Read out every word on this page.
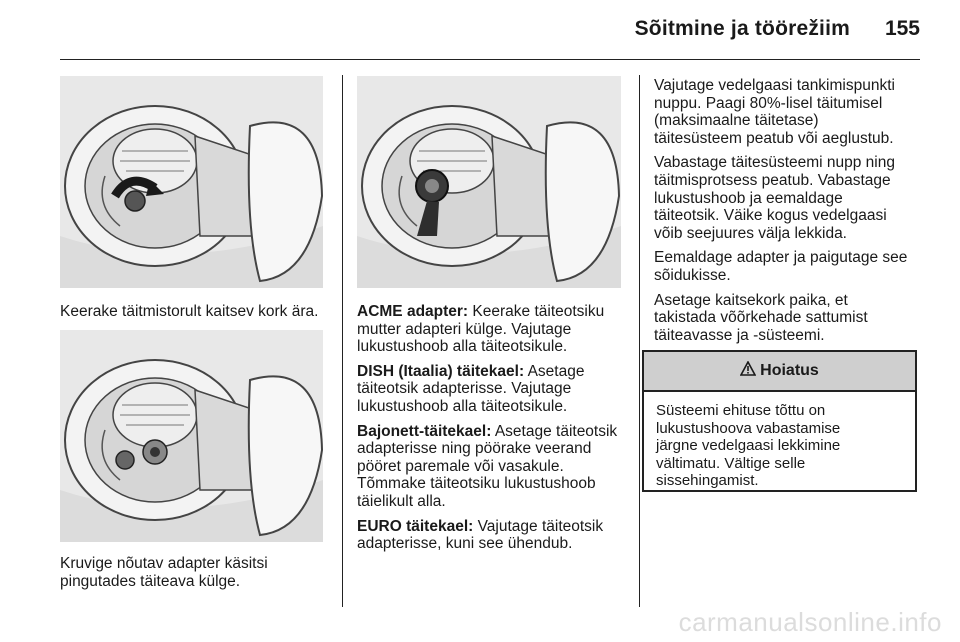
Sõitmine ja töörežiim 155
Keerake täitmistorult kaitsev kork ära.
Kruvige nõutav adapter käsitsi
pingutades täiteava külge.

ACME adapter: Keerake täiteotsiku
mutter adapteri külge. Vajutage
lukustushoob alla täiteotsikule.

DISH (Itaalia) täitekael: Asetage
täiteotsik adapterisse. Vajutage
lukustushoob alla täiteotsikule.

Bajonett-täitekael: Asetage täiteotsik
adapterisse ning pöörake veerand
pööret paremale või vasakule.
Tõmmake täiteotsiku lukustushoob
täielikult alla.

EURO täitekael: Vajutage täiteotsik
adapterisse, kuni see ühendub.

Vajutage vedelgaasi tankimispunkti
nuppu. Paagi 80%-lisel täitumisel
(maksimaalne täitetase)
täitesüsteem peatub või aeglustub.

Vabastage täitesüsteemi nupp ning
täitmisprotsess peatub. Vabastage
lukustushoob ja eemaldage
täiteotsik. Väike kogus vedelgaasi
võib seejuures välja lekkida.

Eemaldage adapter ja paigutage see
sõidukisse.

Asetage kaitsekork paika, et
takistada võõrkehade sattumist
täiteavasse ja -süsteemi.

Hoiatus
Süsteemi ehituse tõttu on
lukustushoova vabastamise
järgne vedelgaasi lekkimine
vältimatu. Vältige selle
sissehingamist.
carmanualsonline.info
